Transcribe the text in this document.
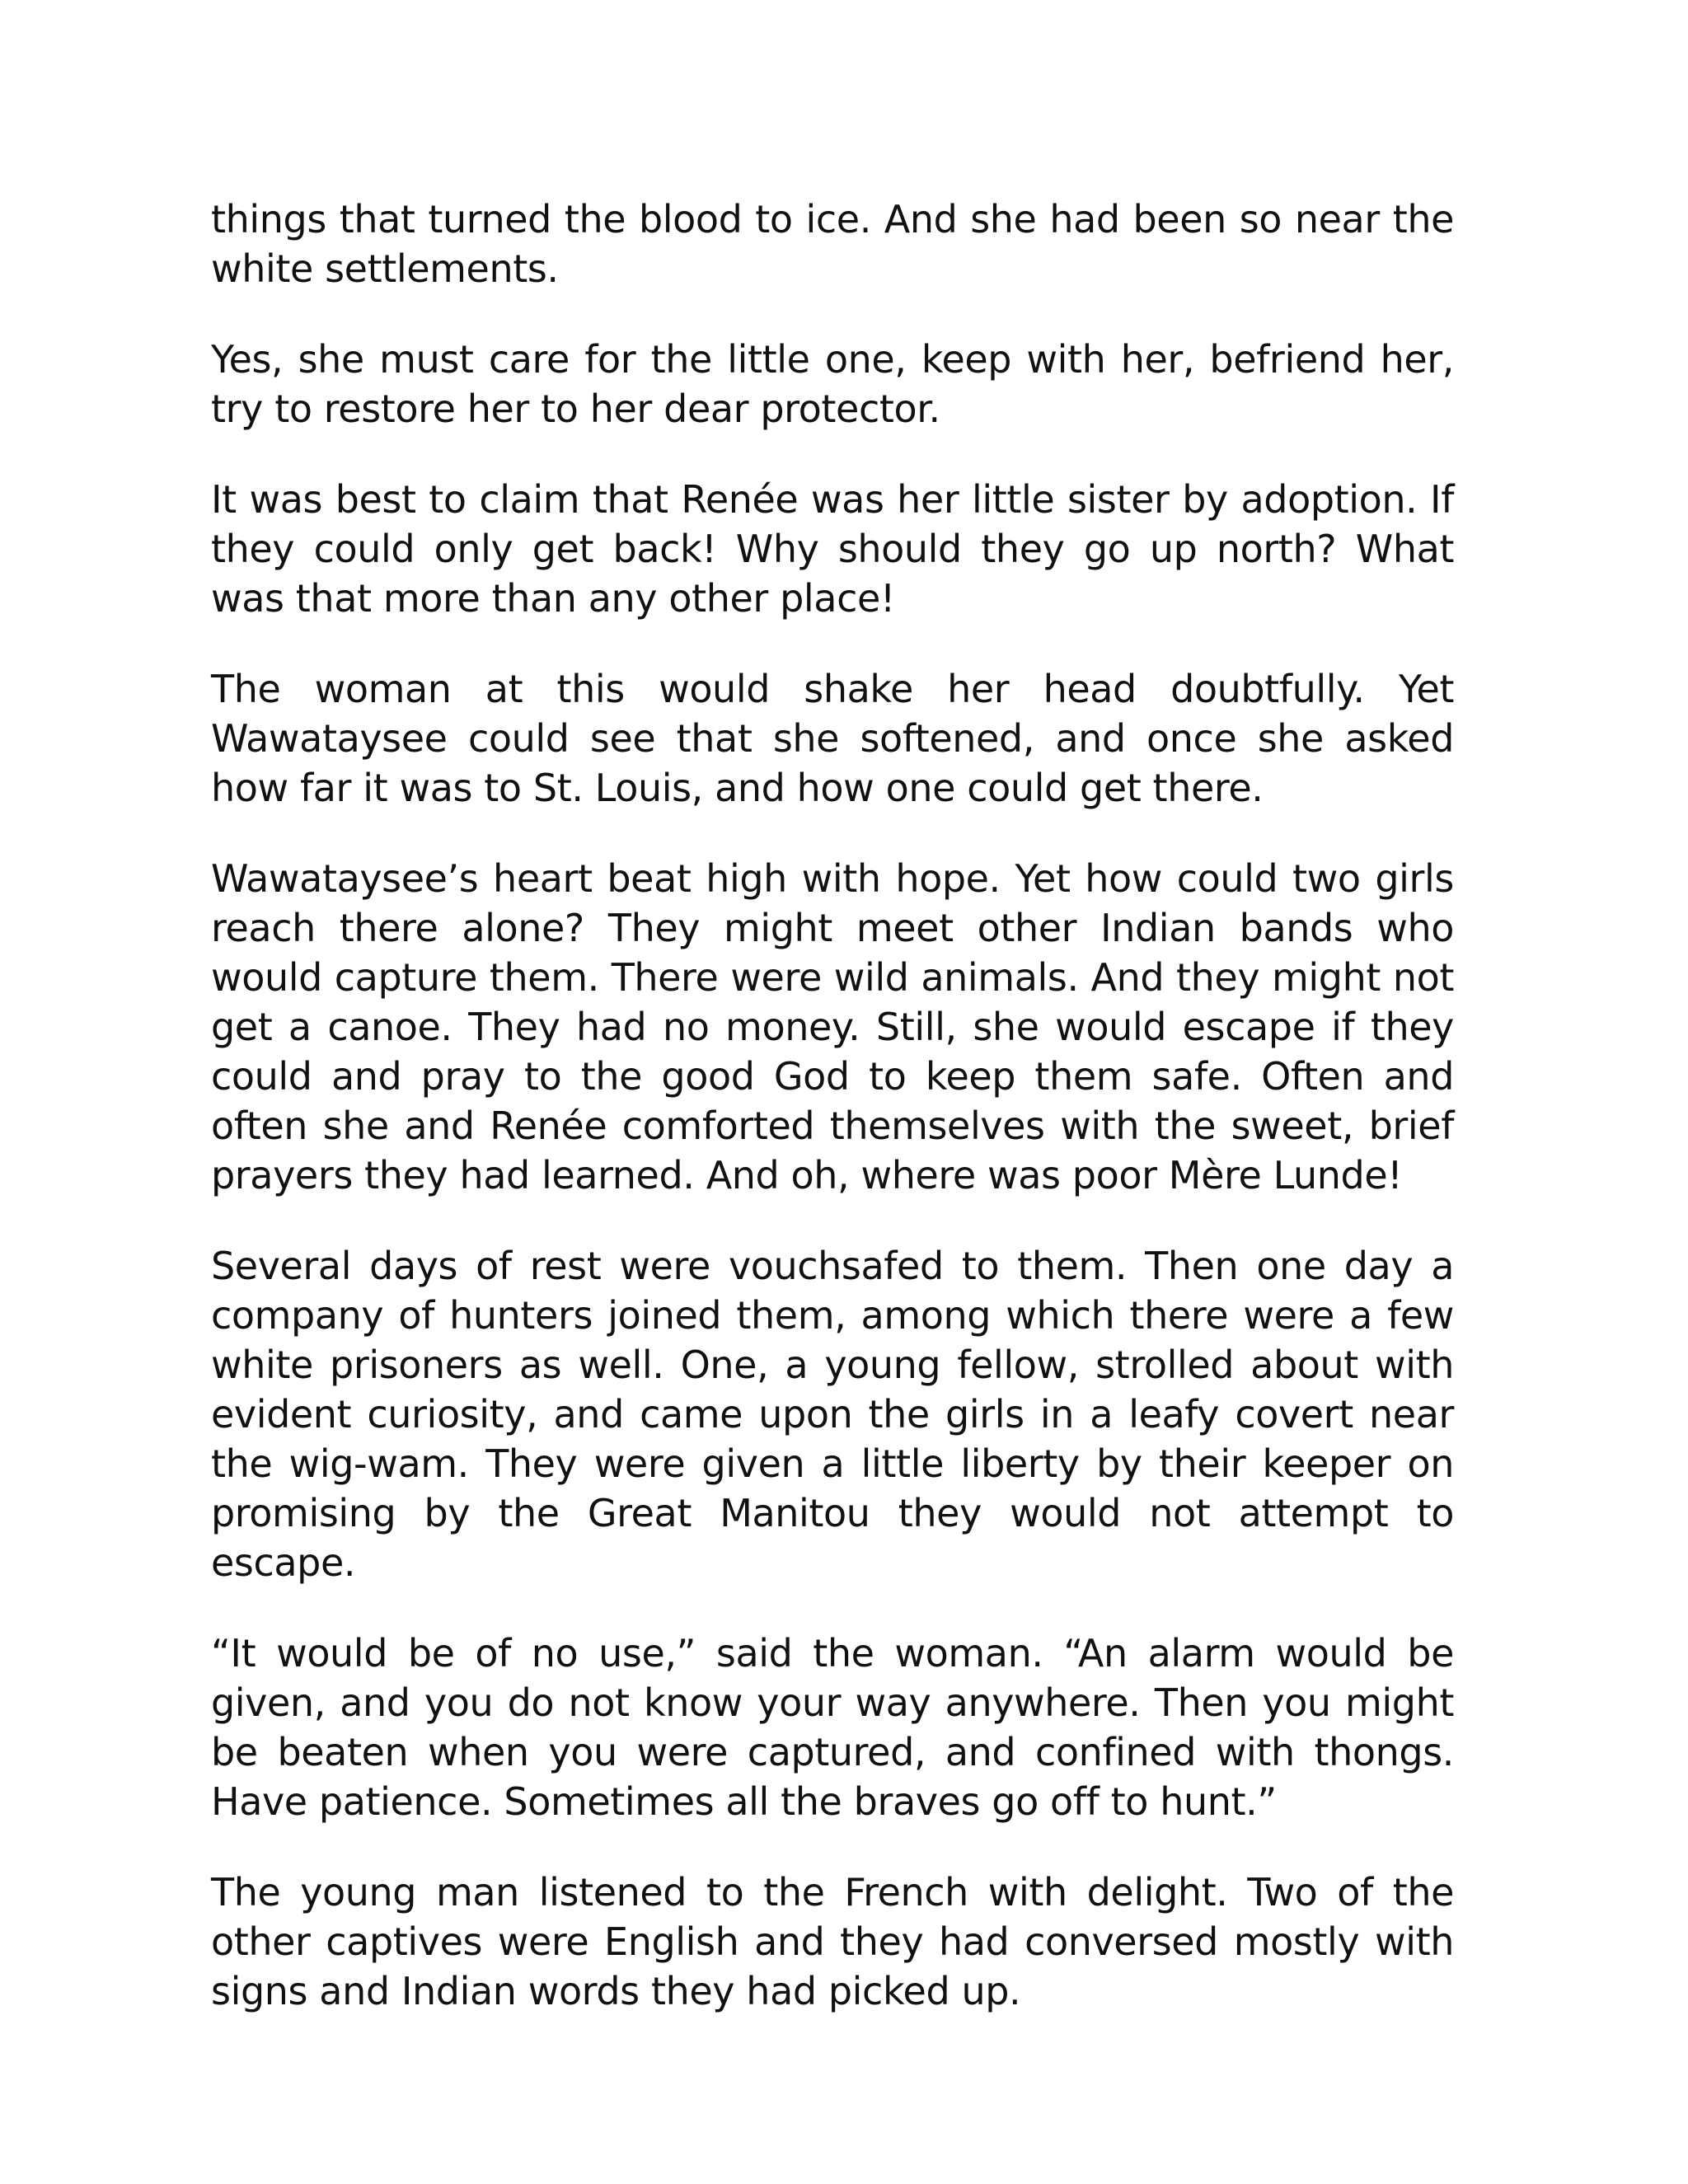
things that turned the blood to ice. And she had been so near the white settlements.

Yes, she must care for the little one, keep with her, befriend her, try to restore her to her dear protector.

It was best to claim that Renée was her little sister by adoption. If they could only get back! Why should they go up north? What was that more than any other place!

The woman at this would shake her head doubtfully. Yet Wawataysee could see that she softened, and once she asked how far it was to St. Louis, and how one could get there.

Wawataysee’s heart beat high with hope. Yet how could two girls reach there alone? They might meet other Indian bands who would capture them. There were wild animals. And they might not get a canoe. They had no money. Still, she would escape if they could and pray to the good God to keep them safe. Often and often she and Renée comforted themselves with the sweet, brief prayers they had learned. And oh, where was poor Mère Lunde!

Several days of rest were vouchsafed to them. Then one day a company of hunters joined them, among which there were a few white prisoners as well. One, a young fellow, strolled about with evident curiosity, and came upon the girls in a leafy covert near the wig-wam. They were given a little liberty by their keeper on promising by the Great Manitou they would not attempt to escape.

“It would be of no use,” said the woman. “An alarm would be given, and you do not know your way anywhere. Then you might be beaten when you were captured, and confined with thongs. Have patience. Sometimes all the braves go off to hunt.”

The young man listened to the French with delight. Two of the other captives were English and they had conversed mostly with signs and Indian words they had picked up.
